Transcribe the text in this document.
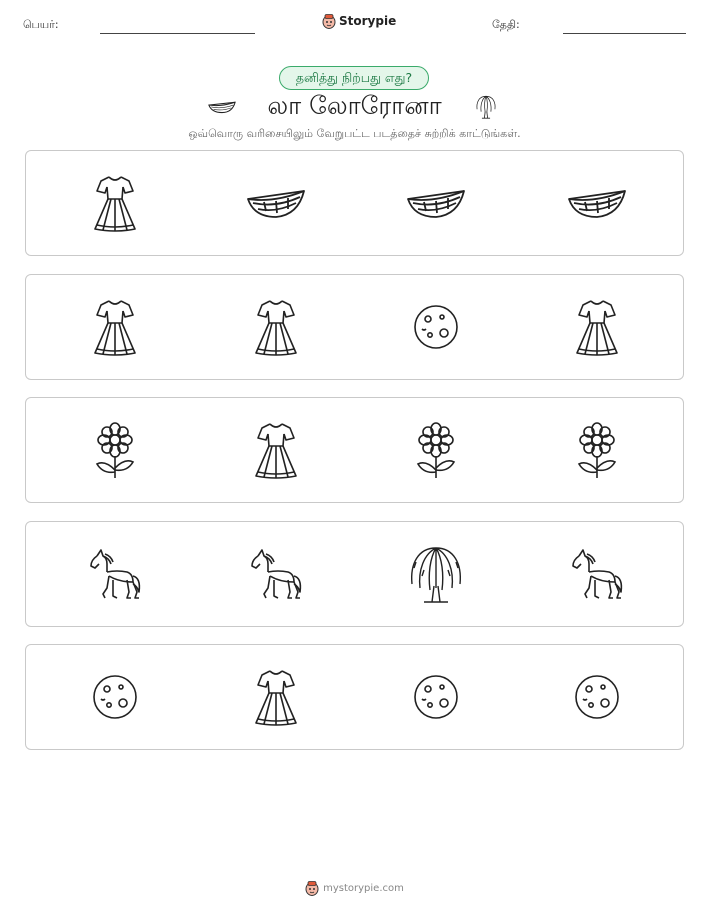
பெயர்:	Storypie	தேதி:
தனித்து நிற்பது எது?
லா லோரோனா
ஒவ்வொரு வரிசையிலும் வேறுபட்ட படத்தைச் சுற்றிக் காட்டுங்கள்.
mystorypie.com
